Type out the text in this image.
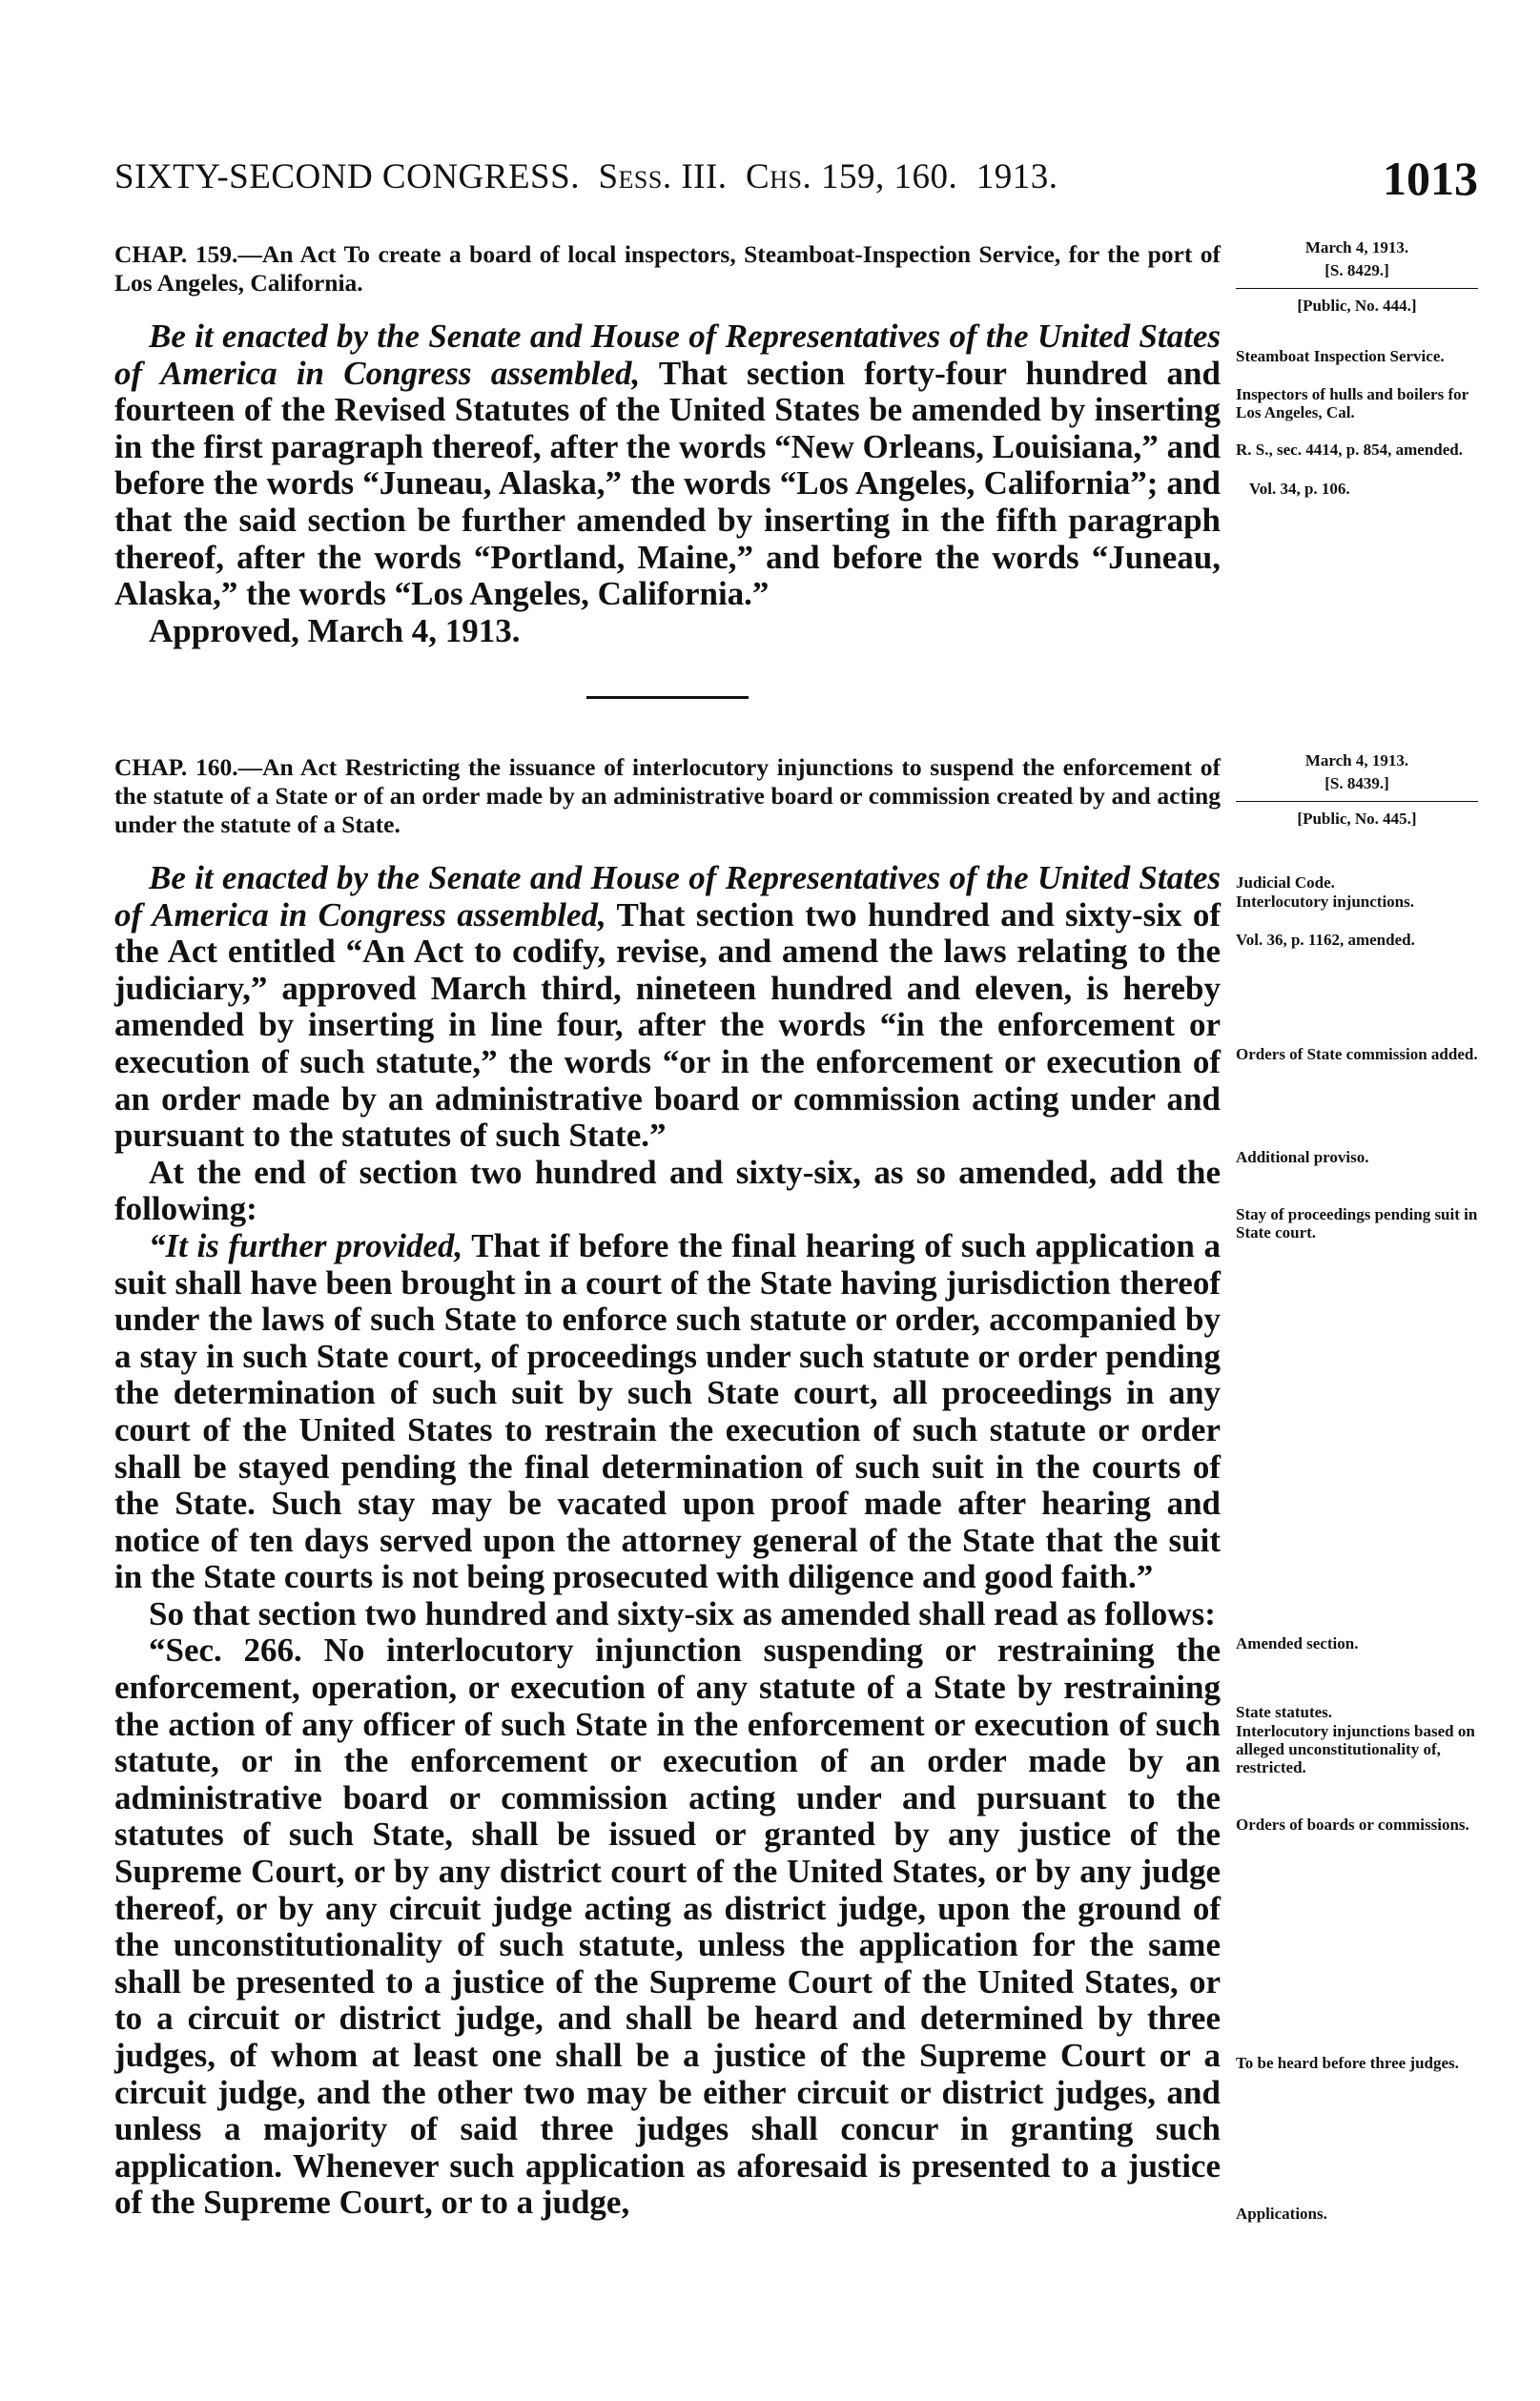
SIXTY-SECOND CONGRESS. Sess. III. Chs. 159, 160. 1913.	1013
CHAP. 159.—An Act To create a board of local inspectors, Steamboat-Inspection Service, for the port of Los Angeles, California.
March 4, 1913.
[S. 8429.]
[Public, No. 444.]

Be it enacted by the Senate and House of Representatives of the United States of America in Congress assembled, That section forty-four hundred and fourteen of the Revised Statutes of the United States be amended by inserting in the first paragraph thereof, after the words “New Orleans, Louisiana,” and before the words “Juneau, Alaska,” the words “Los Angeles, California”; and that the said section be further amended by inserting in the fifth paragraph thereof, after the words “Portland, Maine,” and before the words “Juneau, Alaska,” the words “Los Angeles, California.”

Approved, March 4, 1913.

Steamboat Inspection Service.
Inspectors of hulls and boilers for Los Angeles, Cal.
R. S., sec. 4414, p. 854, amended.
Vol. 34, p. 106.
CHAP. 160.—An Act Restricting the issuance of interlocutory injunctions to suspend the enforcement of the statute of a State or of an order made by an administrative board or commission created by and acting under the statute of a State.
March 4, 1913.
[S. 8439.]
[Public, No. 445.]

Be it enacted by the Senate and House of Representatives of the United States of America in Congress assembled, That section two hundred and sixty-six of the Act entitled “An Act to codify, revise, and amend the laws relating to the judiciary,” approved March third, nineteen hundred and eleven, is hereby amended by inserting in line four, after the words “in the enforcement or execution of such statute,” the words “or in the enforcement or execution of an order made by an administrative board or commission acting under and pursuant to the statutes of such State.”

At the end of section two hundred and sixty-six, as so amended, add the following:

“It is further provided, That if before the final hearing of such application a suit shall have been brought in a court of the State having jurisdiction thereof under the laws of such State to enforce such statute or order, accompanied by a stay in such State court, of proceedings under such statute or order pending the determination of such suit by such State court, all proceedings in any court of the United States to restrain the execution of such statute or order shall be stayed pending the final determination of such suit in the courts of the State. Such stay may be vacated upon proof made after hearing and notice of ten days served upon the attorney general of the State that the suit in the State courts is not being prosecuted with diligence and good faith.”

So that section two hundred and sixty-six as amended shall read as follows:

“Sec. 266. No interlocutory injunction suspending or restraining the enforcement, operation, or execution of any statute of a State by restraining the action of any officer of such State in the enforcement or execution of such statute, or in the enforcement or execution of an order made by an administrative board or commission acting under and pursuant to the statutes of such State, shall be issued or granted by any justice of the Supreme Court, or by any district court of the United States, or by any judge thereof, or by any circuit judge acting as district judge, upon the ground of the unconstitutionality of such statute, unless the application for the same shall be presented to a justice of the Supreme Court of the United States, or to a circuit or district judge, and shall be heard and determined by three judges, of whom at least one shall be a justice of the Supreme Court or a circuit judge, and the other two may be either circuit or district judges, and unless a majority of said three judges shall concur in granting such application. Whenever such application as aforesaid is presented to a justice of the Supreme Court, or to a judge,

Judicial Code.
Interlocutory injunctions.
Vol. 36, p. 1162, amended.
Orders of State commission added.
Additional proviso.
Stay of proceedings pending suit in State court.
Amended section.
State statutes.
Interlocutory injunctions based on alleged unconstitutionality of, restricted.
Orders of boards or commissions.
To be heard before three judges.
Applications.
